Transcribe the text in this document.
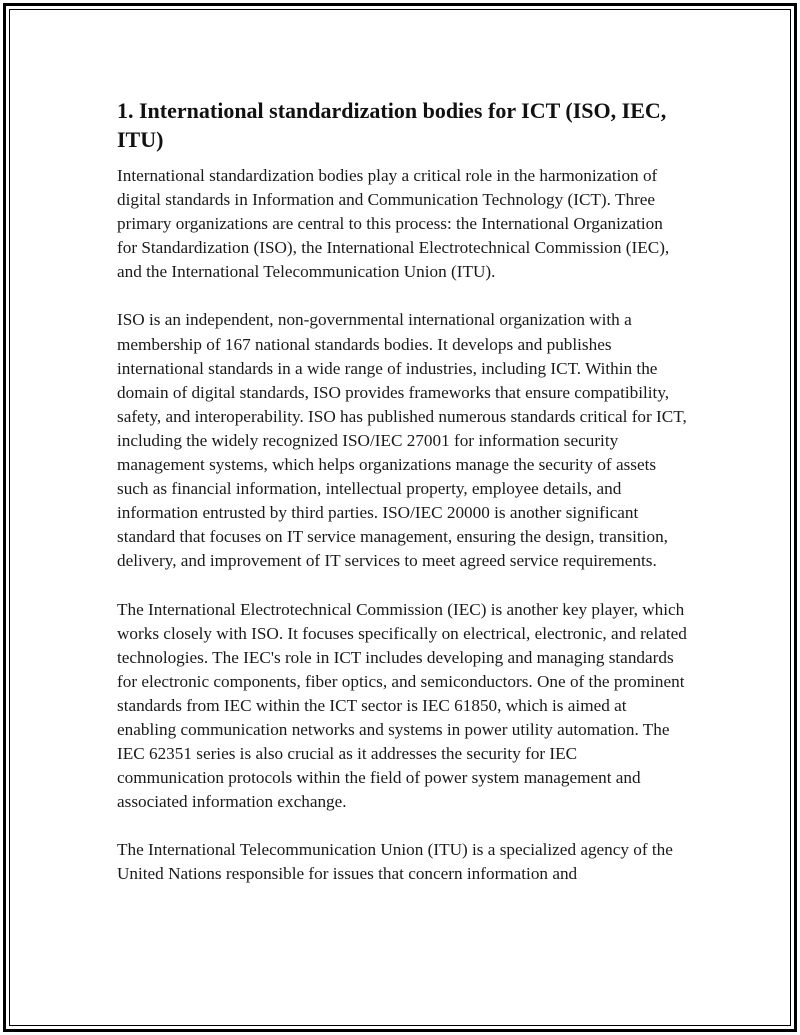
1. International standardization bodies for ICT (ISO, IEC, ITU)

International standardization bodies play a critical role in the harmonization of digital standards in Information and Communication Technology (ICT). Three primary organizations are central to this process: the International Organization for Standardization (ISO), the International Electrotechnical Commission (IEC), and the International Telecommunication Union (ITU).

ISO is an independent, non-governmental international organization with a membership of 167 national standards bodies. It develops and publishes international standards in a wide range of industries, including ICT. Within the domain of digital standards, ISO provides frameworks that ensure compatibility, safety, and interoperability. ISO has published numerous standards critical for ICT, including the widely recognized ISO/IEC 27001 for information security management systems, which helps organizations manage the security of assets such as financial information, intellectual property, employee details, and information entrusted by third parties. ISO/IEC 20000 is another significant standard that focuses on IT service management, ensuring the design, transition, delivery, and improvement of IT services to meet agreed service requirements.

The International Electrotechnical Commission (IEC) is another key player, which works closely with ISO. It focuses specifically on electrical, electronic, and related technologies. The IEC's role in ICT includes developing and managing standards for electronic components, fiber optics, and semiconductors. One of the prominent standards from IEC within the ICT sector is IEC 61850, which is aimed at enabling communication networks and systems in power utility automation. The IEC 62351 series is also crucial as it addresses the security for IEC communication protocols within the field of power system management and associated information exchange.

The International Telecommunication Union (ITU) is a specialized agency of the United Nations responsible for issues that concern information and
